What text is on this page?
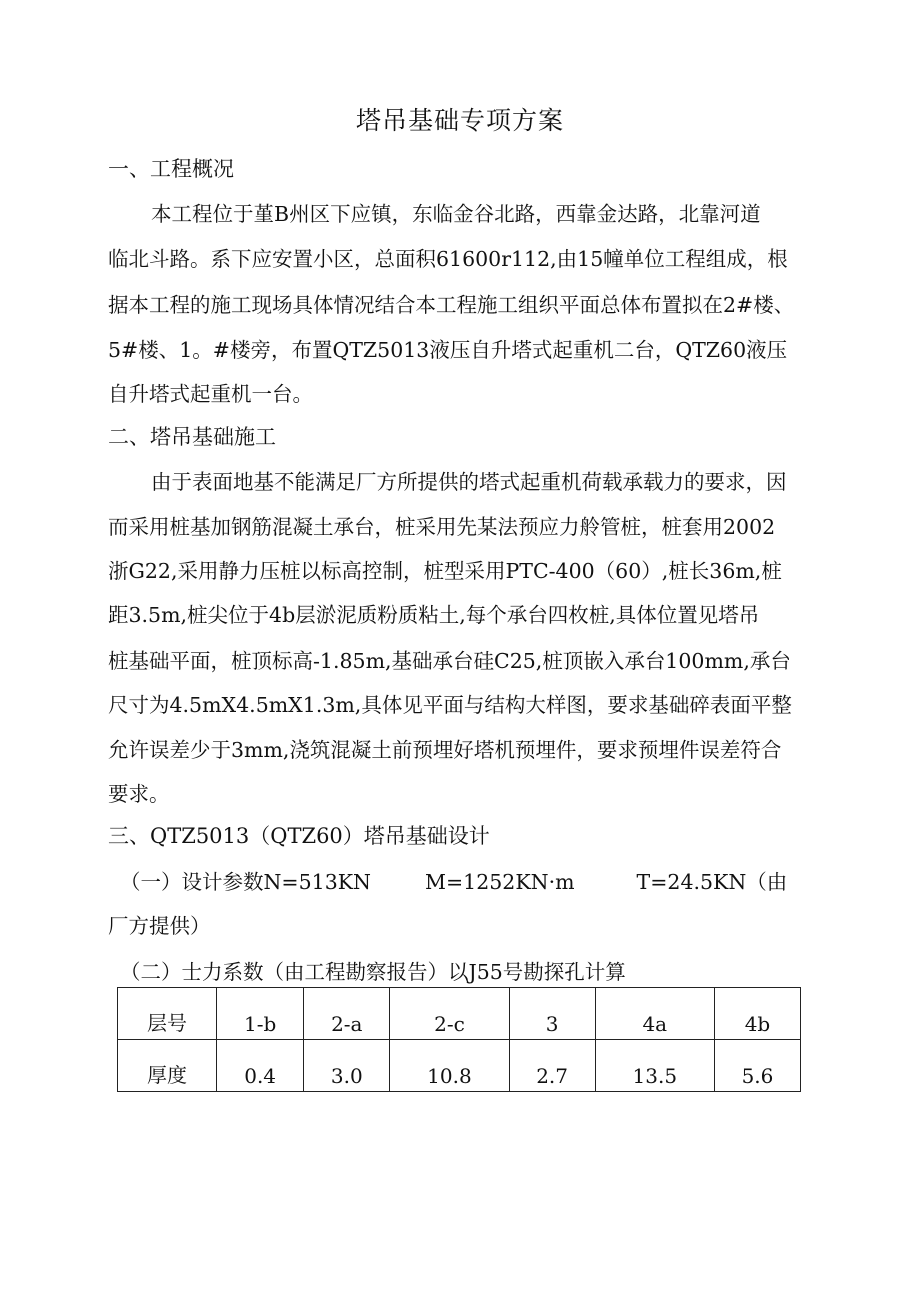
塔吊基础专项方案
一、工程概况
本工程位于堇B州区下应镇，东临金谷北路，西靠金达路，北靠河道
临北斗路。系下应安置小区，总面积61600r112,由15幢单位工程组成，根
据本工程的施工现场具体情况结合本工程施工组织平面总体布置拟在2#楼、
5#楼、1。#楼旁，布置QTZ5013液压自升塔式起重机二台，QTZ60液压
自升塔式起重机一台。
二、塔吊基础施工
由于表面地基不能满足厂方所提供的塔式起重机荷载承载力的要求，因
而采用桩基加钢筋混凝土承台，桩采用先某法预应力舲管桩，桩套用2002
浙G22,采用静力压桩以标高控制，桩型采用PTC-400（60）,桩长36m,桩
距3.5m,桩尖位于4b层淤泥质粉质粘土,每个承台四枚桩,具体位置见塔吊
桩基础平面，桩顶标高-1.85m,基础承台硅C25,桩顶嵌入承台100mm,承台
尺寸为4.5mX4.5mX1.3m,具体见平面与结构大样图，要求基础碎表面平整
允许误差少于3mm,浇筑混凝土前预埋好塔机预埋件，要求预埋件误差符合
要求。
三、QTZ5013（QTZ60）塔吊基础设计
（一）设计参数N=513KN	M=1252KN·m	T=24.5KN（由
厂方提供）
（二）士力系数（由工程勘察报告）以J55号勘探孔计算
层号	1-b	2-a	2-c	3	4a	4b
厚度	0.4	3.0	10.8	2.7	13.5	5.6
